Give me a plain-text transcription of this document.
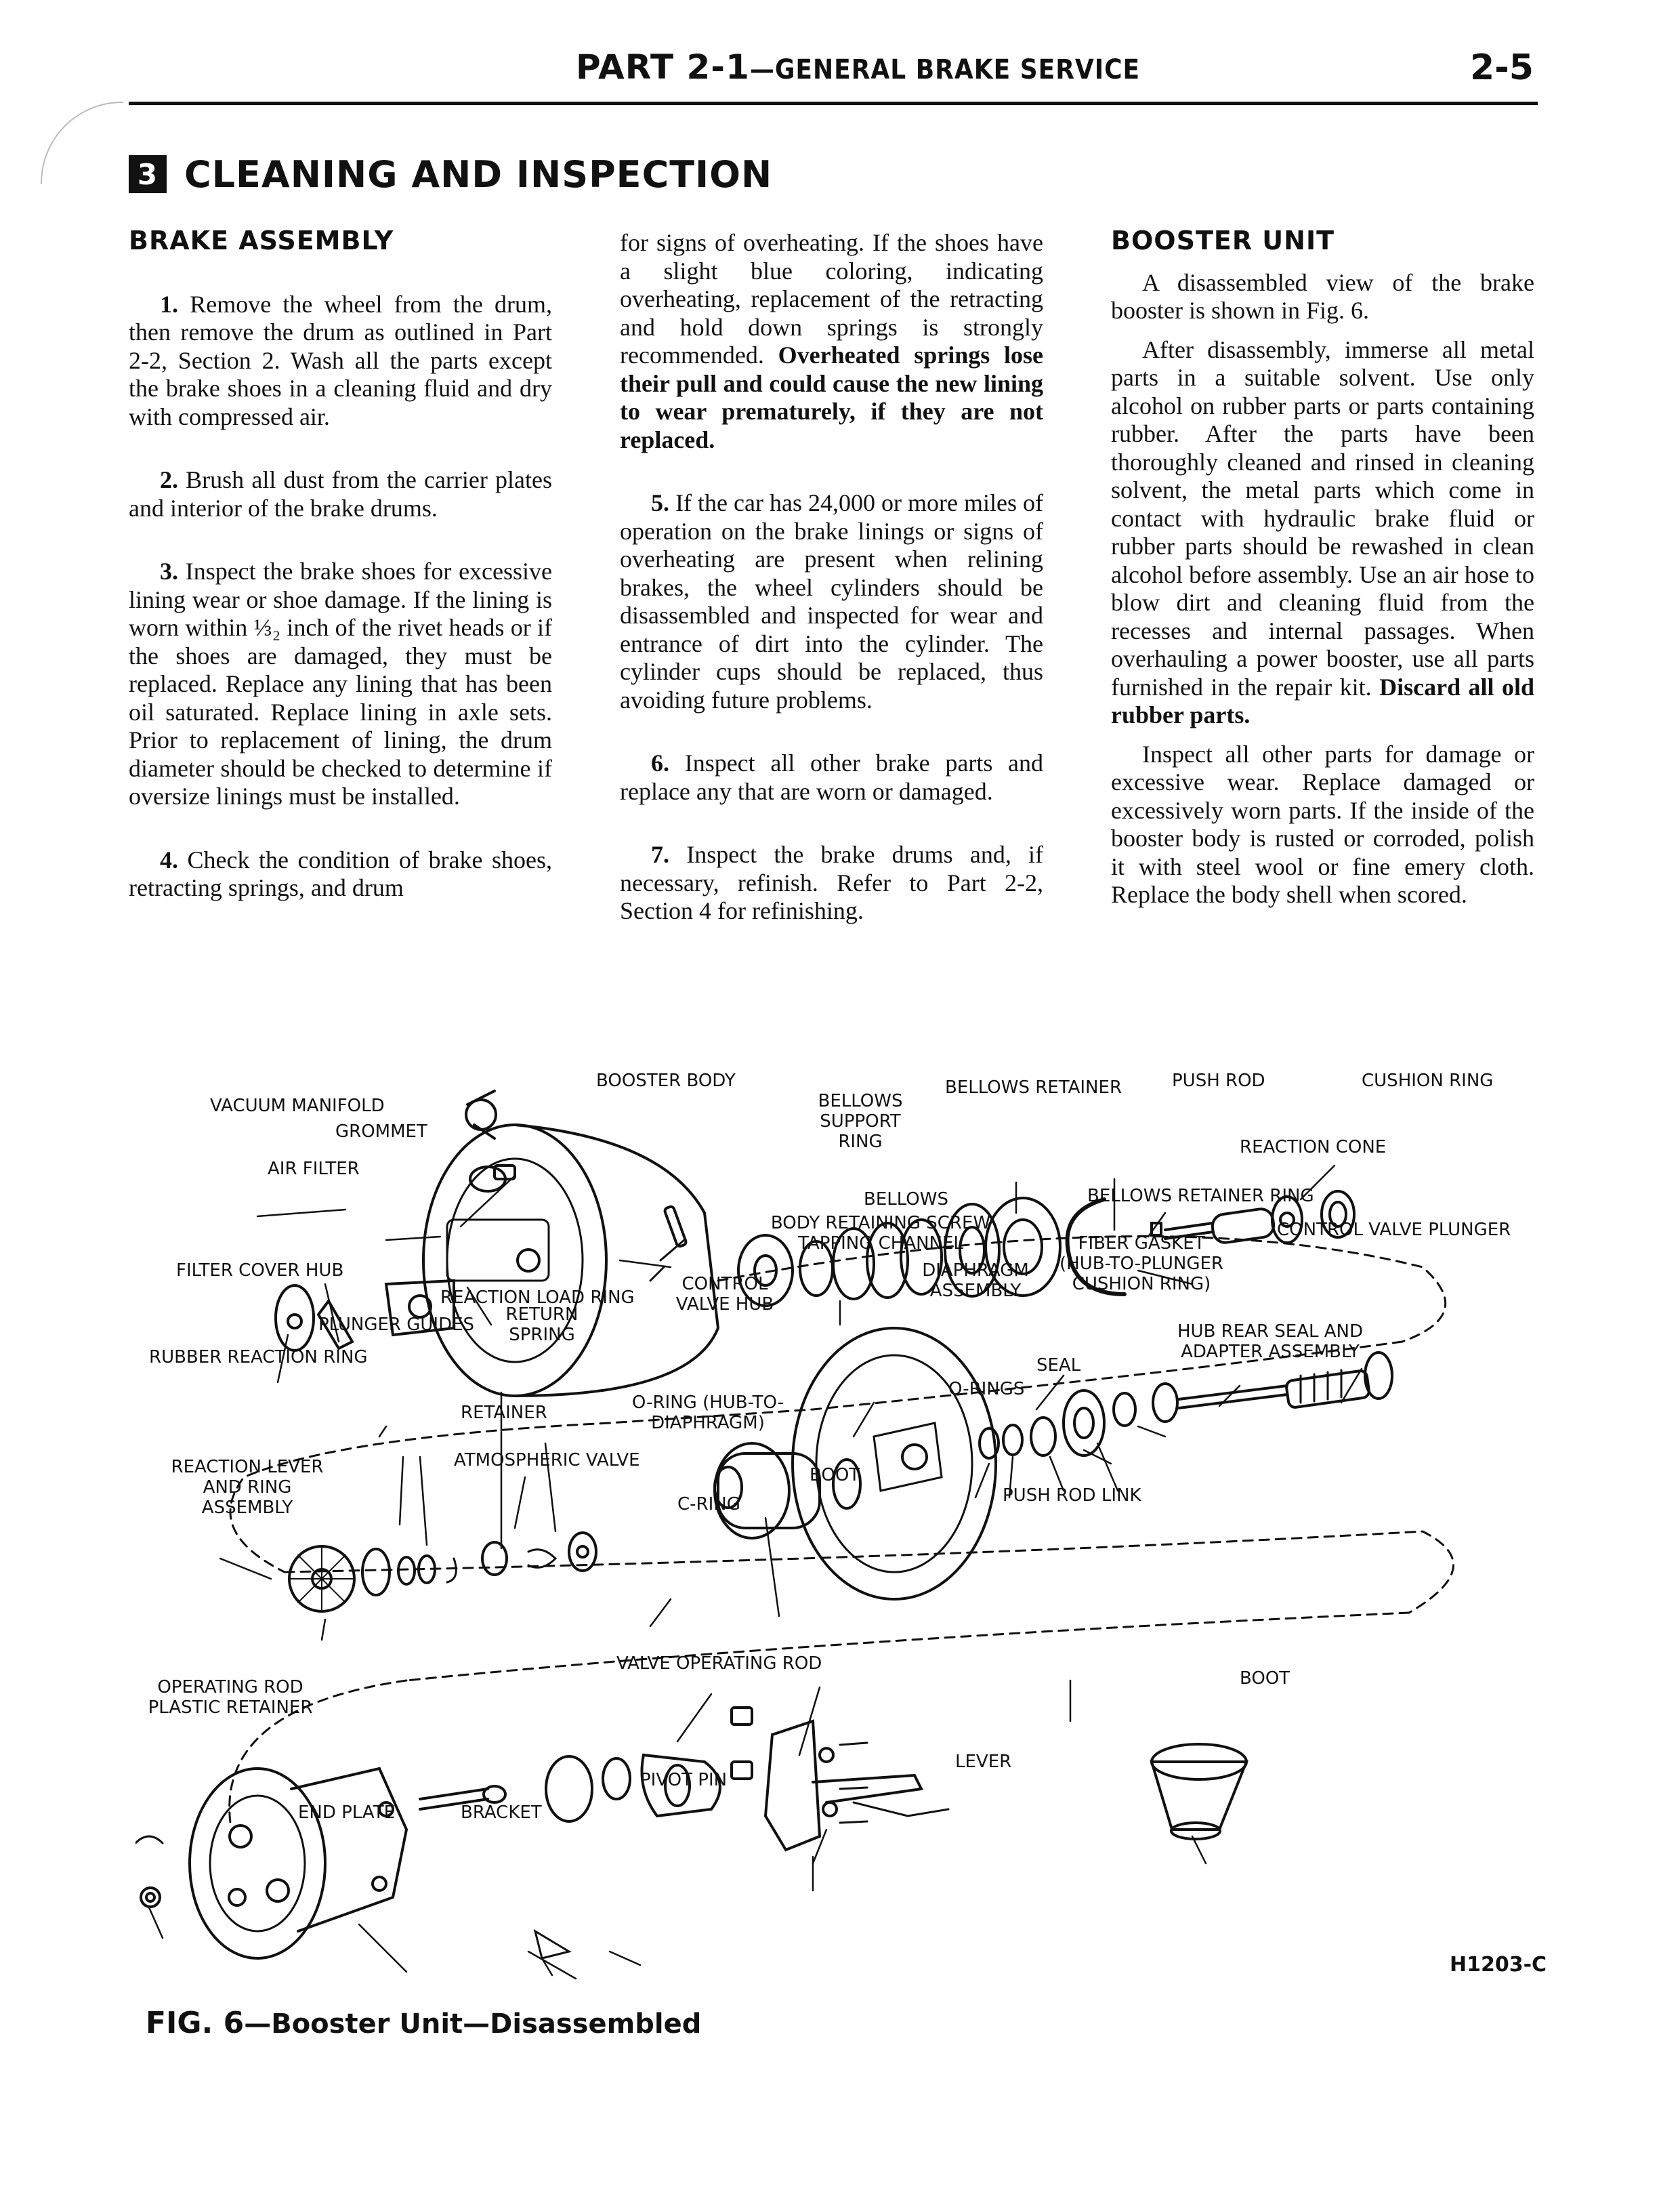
PART 2-1—GENERAL BRAKE SERVICE	2-5
3 CLEANING AND INSPECTION

BRAKE ASSEMBLY

1. Remove the wheel from the drum, then remove the drum as outlined in Part 2-2, Section 2. Wash all the parts except the brake shoes in a cleaning fluid and dry with compressed air.

2. Brush all dust from the carrier plates and interior of the brake drums.

3. Inspect the brake shoes for excessive lining wear or shoe damage. If the lining is worn within ⅓₂ inch of the rivet heads or if the shoes are damaged, they must be replaced. Replace any lining that has been oil saturated. Replace lining in axle sets. Prior to replacement of lining, the drum diameter should be checked to determine if oversize linings must be installed.

4. Check the condition of brake shoes, retracting springs, and drum

for signs of overheating. If the shoes have a slight blue coloring, indicating overheating, replacement of the retracting and hold down springs is strongly recommended. Overheated springs lose their pull and could cause the new lining to wear prematurely, if they are not replaced.

5. If the car has 24,000 or more miles of operation on the brake linings or signs of overheating are present when relining brakes, the wheel cylinders should be disassembled and inspected for wear and entrance of dirt into the cylinder. The cylinder cups should be replaced, thus avoiding future problems.

6. Inspect all other brake parts and replace any that are worn or damaged.

7. Inspect the brake drums and, if necessary, refinish. Refer to Part 2-2, Section 4 for refinishing.

BOOSTER UNIT

A disassembled view of the brake booster is shown in Fig. 6.

After disassembly, immerse all metal parts in a suitable solvent. Use only alcohol on rubber parts or parts containing rubber. After the parts have been thoroughly cleaned and rinsed in cleaning solvent, the metal parts which come in contact with hydraulic brake fluid or rubber parts should be rewashed in clean alcohol before assembly. Use an air hose to blow dirt and cleaning fluid from the recesses and internal passages. When overhauling a power booster, use all parts furnished in the repair kit. Discard all old rubber parts.

Inspect all other parts for damage or excessive wear. Replace damaged or excessively worn parts. If the inside of the booster body is rusted or corroded, polish it with steel wool or fine emery cloth. Replace the body shell when scored.

BOOSTER BODY	BELLOWS RETAINER	PUSH ROD	CUSHION RING
VACUUM MANIFOLD	BELLOWS SUPPORT RING
GROMMET
REACTION CONE
AIR FILTER
BELLOWS	BELLOWS RETAINER RING
BODY RETAINING SCREW TAPPING CHANNEL	FIBER GASKET (HUB-TO-PLUNGER CUSHION RING)
CONTROL VALVE PLUNGER
DIAPHRAGM ASSEMBLY
FILTER COVER HUB
CONTROL VALVE HUB
REACTION LOAD RING
PLUNGER GUIDES RETURN SPRING	HUB REAR SEAL AND ADAPTER ASSEMBLY
RUBBER REACTION RING	SEAL
O-RINGS
RETAINER	O-RING (HUB-TO-DIAPHRAGM)
REACTION LEVER AND RING ASSEMBLY
ATMOSPHERIC VALVE
BOOT
C-RING	PUSH ROD LINK
VALVE OPERATING ROD
BOOT
OPERATING ROD PLASTIC RETAINER
LEVER
PIVOT PIN
END PLATE	BRACKET
H1203-C
FIG. 6—Booster Unit—Disassembled
